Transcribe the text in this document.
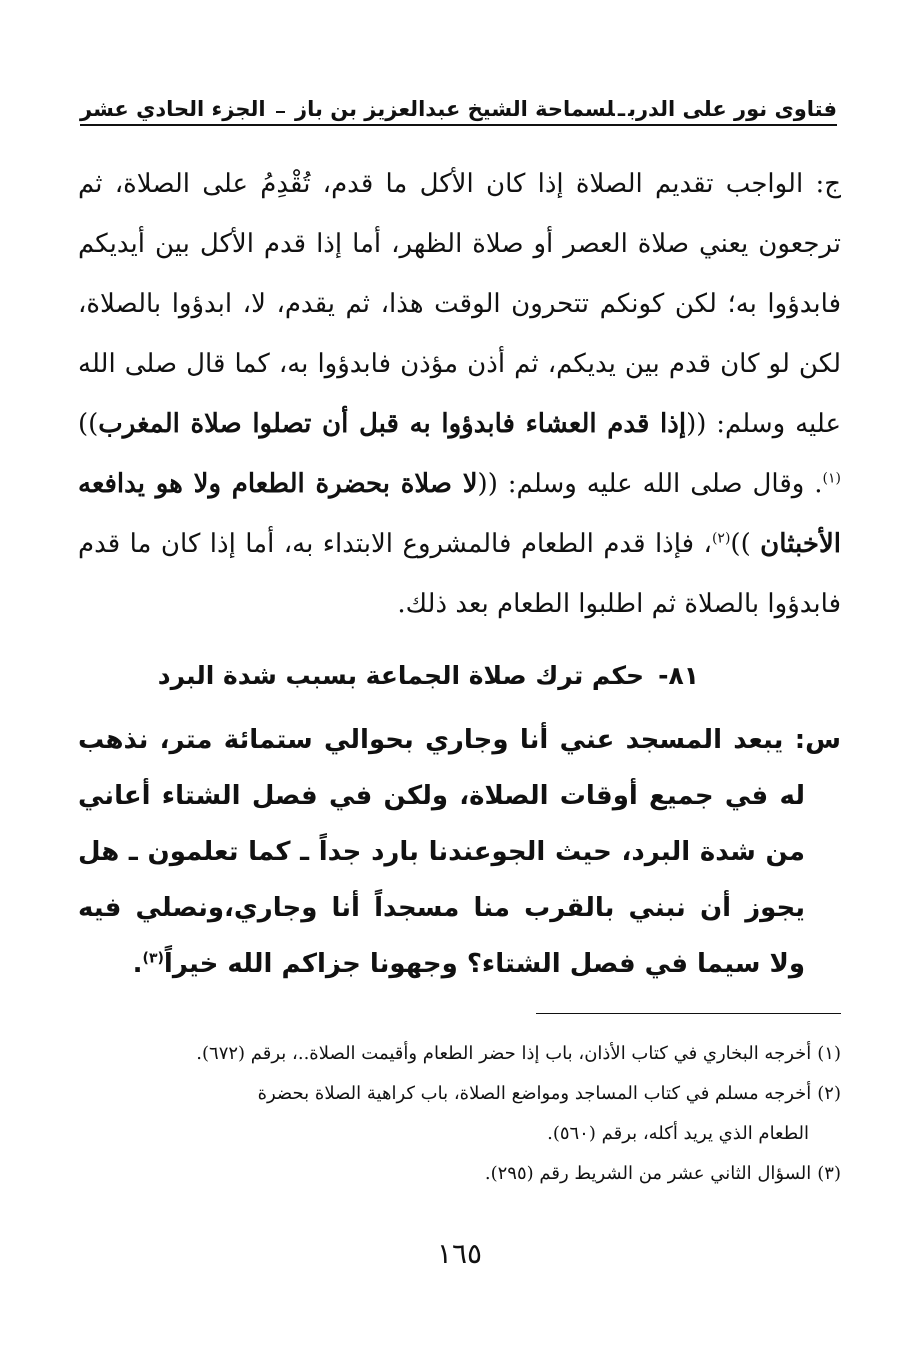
فتاوى نور على الدربـلسماحة الشيخ عبدالعزيز بن باز
الجزء الحادي عشر
ج: الواجب تقديم الصلاة إذا كان الأكل ما قدم، تُقْدِمُ على الصلاة، ثم ترجعون يعني صلاة العصر أو صلاة الظهر، أما إذا قدم الأكل بين أيديكم فابدؤوا به؛ لكن كونكم تتحرون الوقت هذا، ثم يقدم، لا، ابدؤوا بالصلاة، لكن لو كان قدم بين يديكم، ثم أذن مؤذن فابدؤوا به، كما قال صلى الله عليه وسلم: ((إذا قدم العشاء فابدؤوا به قبل أن تصلوا صلاة المغرب))$^{(١)}$. وقال صلى الله عليه وسلم: ((لا صلاة بحضرة الطعام ولا هو يدافعه الأخبثان ))$^{(٢)}$، فإذا قدم الطعام فالمشروع الابتداء به، أما إذا كان ما قدم فابدؤوا بالصلاة ثم اطلبوا الطعام بعد ذلك.
٨١-حكم ترك صلاة الجماعة بسبب شدة البرد
س: يبعد المسجد عني أنا وجاري بحوالي ستمائة متر، نذهب له في جميع أوقات الصلاة، ولكن في فصل الشتاء أعاني من شدة البرد، حيث الجوعندنا بارد جداً ـ كما تعلمون ـ هل يجوز أن نبني بالقرب منا مسجداً أنا وجاري،ونصلي فيه ولا سيما في فصل الشتاء؟ وجهونا جزاكم الله خيراً$^{(٣)}$.
(١)أخرجه البخاري في كتاب الأذان، باب إذا حضر الطعام وأقيمت الصلاة..، برقم (٦٧٢).
(٢)أخرجه مسلم في كتاب المساجد ومواضع الصلاة، باب كراهية الصلاة بحضرة
الطعام الذي يريد أكله، برقم (٥٦٠).
(٣)السؤال الثاني عشر من الشريط رقم (٢٩٥).
١٦٥
